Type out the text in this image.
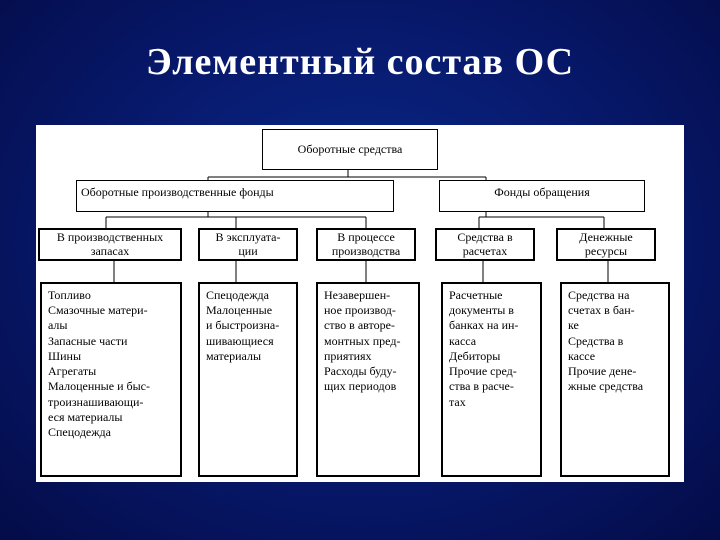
Элементный состав ОС
Оборотные средства
Оборотные производственные фонды	Фонды обращения
В производственных
запасах
В эксплуата-
ции
В процессе
производства
Средства в
расчетах
Денежные
ресурсы
Топливо
Смазочные матери-
алы
Запасные части
Шины
Агрегаты
Малоценные и быс-
троизнашивающи-
еся материалы
Спецодежда
Спецодежда
Малоценные
и быстроизна-
шивающиеся
материалы
Незавершен-
ное производ-
ство в авторе-
монтных пред-
приятиях
Расходы буду-
щих периодов
Расчетные
документы в
банках на ин-
касса
Дебиторы
Прочие сред-
ства в расче-
тах
Средства на
счетах в бан-
ке
Средства в
кассе
Прочие дене-
жные средства
